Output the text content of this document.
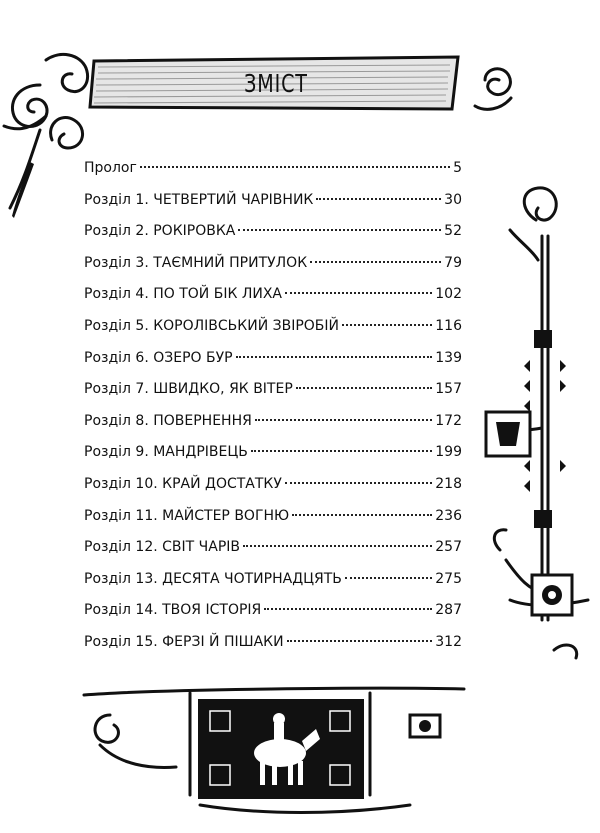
ЗМІСТ
Пролог	5
Розділ 1. ЧЕТВЕРТИЙ ЧАРІВНИК	30
Розділ 2. РОКІРОВКА	52
Розділ 3. ТАЄМНИЙ ПРИТУЛОК	79
Розділ 4. ПО ТОЙ БІК ЛИХА	102
Розділ 5. КОРОЛІВСЬКИЙ ЗВІРОБІЙ	116
Розділ 6. ОЗЕРО БУР	139
Розділ 7. ШВИДКО, ЯК ВІТЕР	157
Розділ 8. ПОВЕРНЕННЯ	172
Розділ 9. МАНДРІВЕЦЬ	199
Розділ 10. КРАЙ ДОСТАТКУ	218
Розділ 11. МАЙСТЕР ВОГНЮ	236
Розділ 12. СВІТ ЧАРІВ	257
Розділ 13. ДЕСЯТА ЧОТИРНАДЦЯТЬ	275
Розділ 14. ТВОЯ ІСТОРІЯ	287
Розділ 15. ФЕРЗІ Й ПІШАКИ	312
